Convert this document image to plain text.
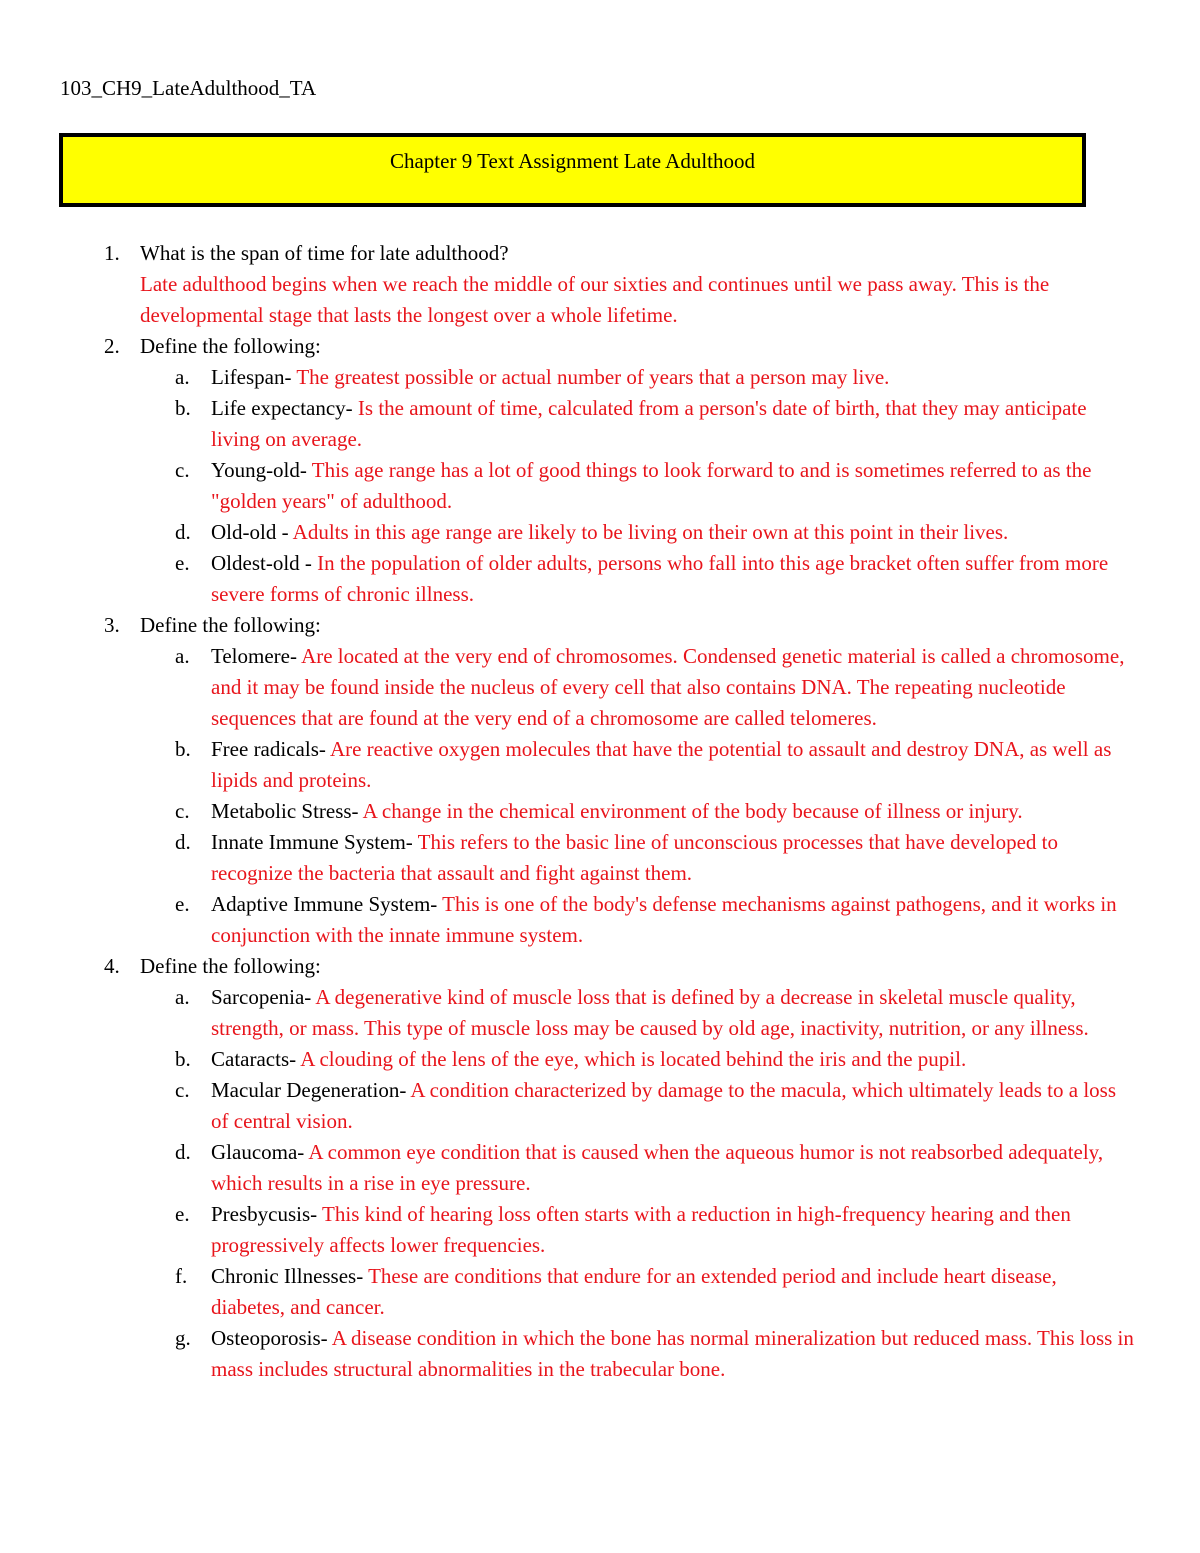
103_CH9_LateAdulthood_TA
Chapter 9 Text Assignment Late Adulthood
1. What is the span of time for late adulthood?
Late adulthood begins when we reach the middle of our sixties and continues until we pass away. This is the developmental stage that lasts the longest over a whole lifetime.
2. Define the following:
a. Lifespan- The greatest possible or actual number of years that a person may live.
b. Life expectancy- Is the amount of time, calculated from a person's date of birth, that they may anticipate living on average.
c. Young-old- This age range has a lot of good things to look forward to and is sometimes referred to as the "golden years" of adulthood.
d. Old-old - Adults in this age range are likely to be living on their own at this point in their lives.
e. Oldest-old - In the population of older adults, persons who fall into this age bracket often suffer from more severe forms of chronic illness.
3. Define the following:
a. Telomere- Are located at the very end of chromosomes. Condensed genetic material is called a chromosome, and it may be found inside the nucleus of every cell that also contains DNA. The repeating nucleotide sequences that are found at the very end of a chromosome are called telomeres.
b. Free radicals- Are reactive oxygen molecules that have the potential to assault and destroy DNA, as well as lipids and proteins.
c. Metabolic Stress- A change in the chemical environment of the body because of illness or injury.
d. Innate Immune System- This refers to the basic line of unconscious processes that have developed to recognize the bacteria that assault and fight against them.
e. Adaptive Immune System- This is one of the body's defense mechanisms against pathogens, and it works in conjunction with the innate immune system.
4. Define the following:
a. Sarcopenia- A degenerative kind of muscle loss that is defined by a decrease in skeletal muscle quality, strength, or mass. This type of muscle loss may be caused by old age, inactivity, nutrition, or any illness.
b. Cataracts- A clouding of the lens of the eye, which is located behind the iris and the pupil.
c. Macular Degeneration- A condition characterized by damage to the macula, which ultimately leads to a loss of central vision.
d. Glaucoma- A common eye condition that is caused when the aqueous humor is not reabsorbed adequately, which results in a rise in eye pressure.
e. Presbycusis- This kind of hearing loss often starts with a reduction in high-frequency hearing and then progressively affects lower frequencies.
f. Chronic Illnesses- These are conditions that endure for an extended period and include heart disease, diabetes, and cancer.
g. Osteoporosis- A disease condition in which the bone has normal mineralization but reduced mass. This loss in mass includes structural abnormalities in the trabecular bone.
